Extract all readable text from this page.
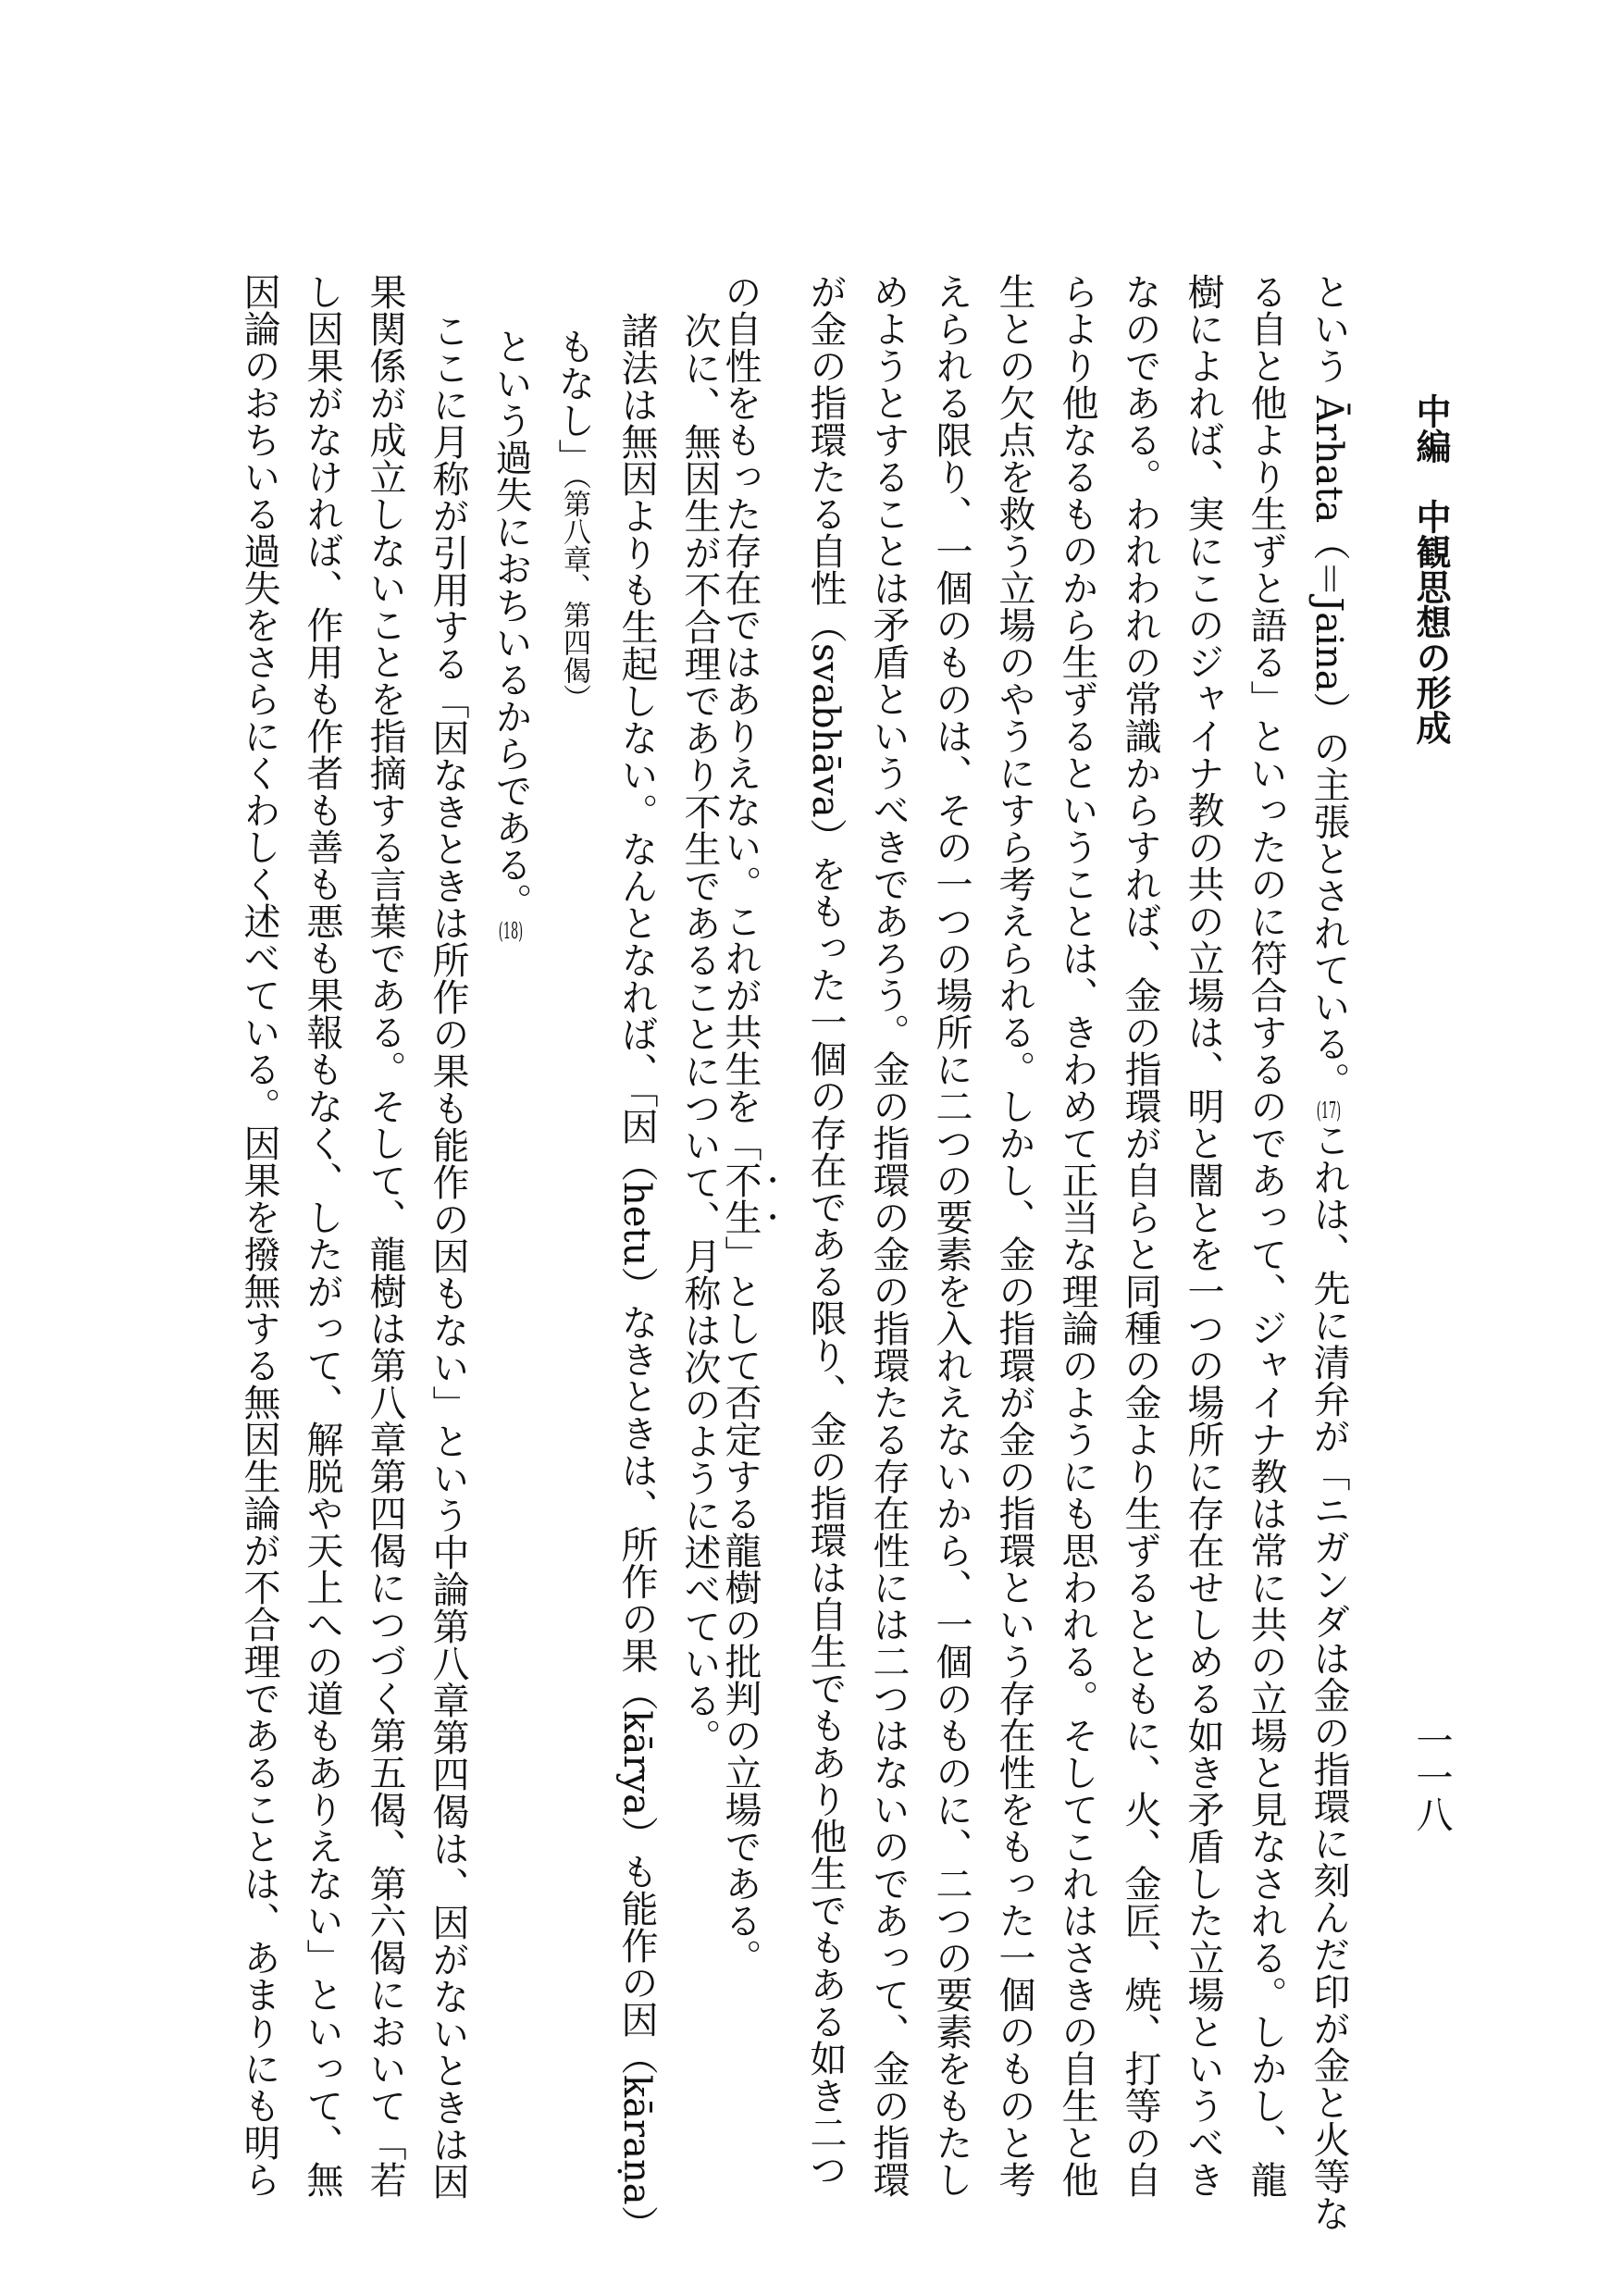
中編　中観思想の形成
一一八
という Ārhata（＝Jaina）の主張とされている。(17)これは、先に清弁が「ニガンダは金の指環に刻んだ印が金と火等な
る自と他より生ずと語る」といったのに符合するのであって、ジャイナ教は常に共の立場と見なされる。しかし、龍
樹によれば、実にこのジャイナ教の共の立場は、明と闇とを一つの場所に存在せしめる如き矛盾した立場というべき
なのである。われわれの常識からすれば、金の指環が自らと同種の金より生ずるとともに、火、金匠、焼、打等の自
らより他なるものから生ずるということは、きわめて正当な理論のようにも思われる。そしてこれはさきの自生と他
生との欠点を救う立場のやうにすら考えられる。しかし、金の指環が金の指環という存在性をもった一個のものと考
えられる限り、一個のものは、その一つの場所に二つの要素を入れえないから、一個のものに、二つの要素をもたし
めようとすることは矛盾というべきであろう。金の指環の金の指環たる存在性には二つはないのであって、金の指環
が金の指環たる自性（svabhāva）をもった一個の存在である限り、金の指環は自生でもあり他生でもある如き二つ
の自性をもった存在ではありえない。これが共生を「不生」として否定する龍樹の批判の立場である。
次に、無因生が不合理であり不生であることについて、月称は次のように述べている。
諸法は無因よりも生起しない。なんとなれば、「因（hetu）なきときは、所作の果（kārya）も能作の因（kāraṇa）
もなし」（第八章、第四偈）
という過失におちいるからである。(18)
ここに月称が引用する「因なきときは所作の果も能作の因もない」という中論第八章第四偈は、因がないときは因
果関係が成立しないことを指摘する言葉である。そして、龍樹は第八章第四偈につづく第五偈、第六偈において「若
し因果がなければ、作用も作者も善も悪も果報もなく、したがって、解脱や天上への道もありえない」といって、無
因論のおちいる過失をさらにくわしく述べている。因果を撥無する無因生論が不合理であることは、あまりにも明ら
